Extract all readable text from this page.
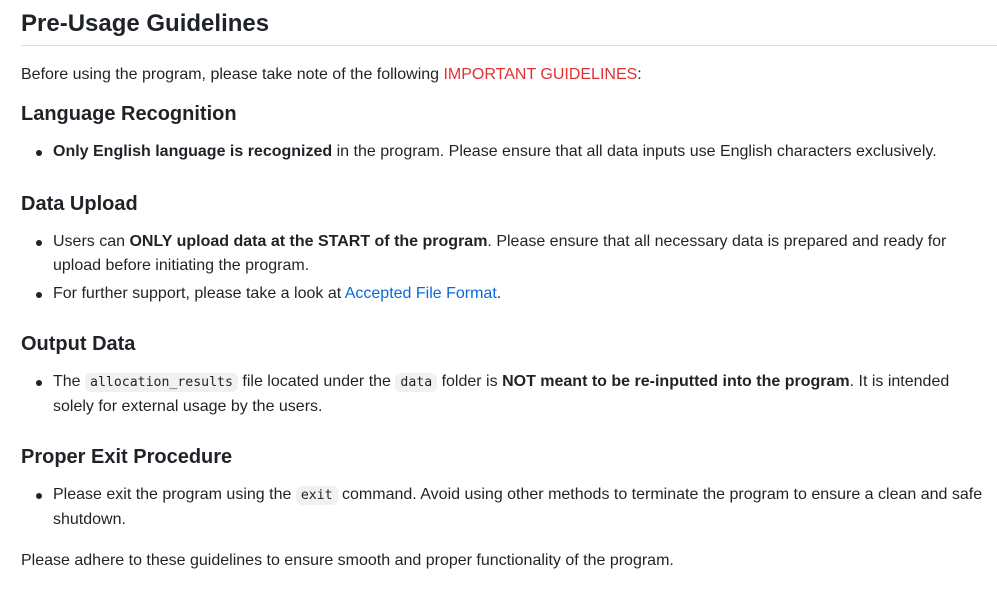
Pre-Usage Guidelines

Before using the program, please take note of the following IMPORTANT GUIDELINES:

Language Recognition
Only English language is recognized in the program. Please ensure that all data inputs use English characters exclusively.
Data Upload
Users can ONLY upload data at the START of the program. Please ensure that all necessary data is prepared and ready for upload before initiating the program.
For further support, please take a look at Accepted File Format.
Output Data
The allocation_results file located under the data folder is NOT meant to be re-inputted into the program. It is intended solely for external usage by the users.
Proper Exit Procedure
Please exit the program using the exit command. Avoid using other methods to terminate the program to ensure a clean and safe shutdown.

Please adhere to these guidelines to ensure smooth and proper functionality of the program.
